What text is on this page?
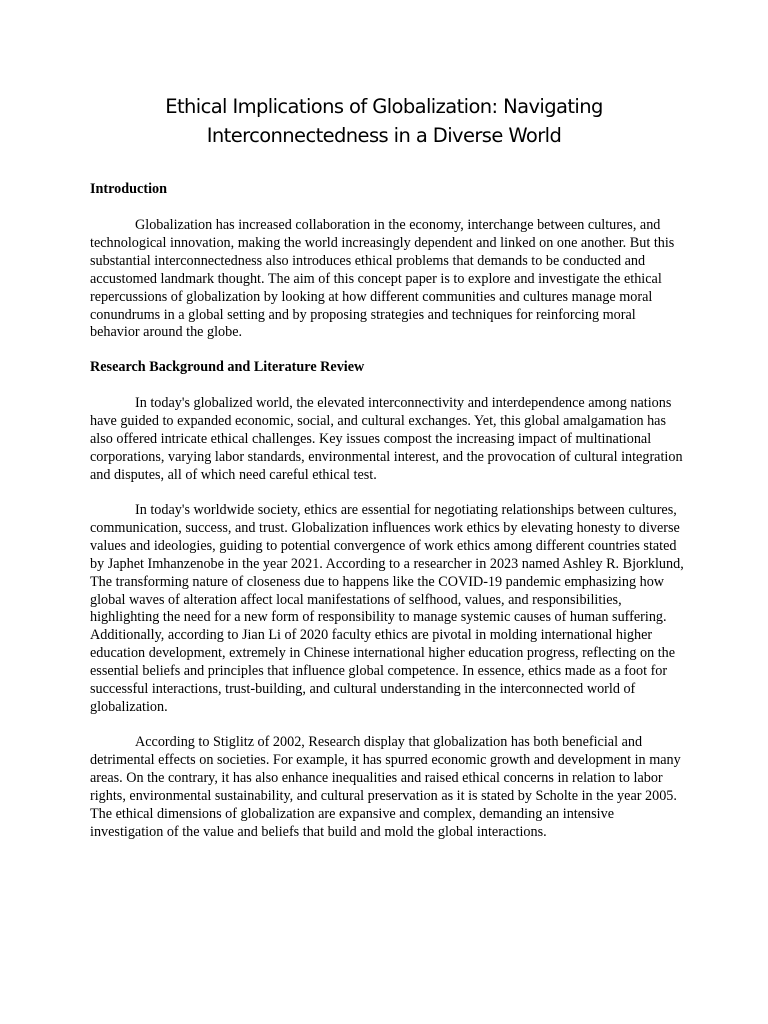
Ethical Implications of Globalization: Navigating Interconnectedness in a Diverse World
Introduction

Globalization has increased collaboration in the economy, interchange between cultures, and technological innovation, making the world increasingly dependent and linked on one another. But this substantial interconnectedness also introduces ethical problems that demands to be conducted and accustomed landmark thought. The aim of this concept paper is to explore and investigate the ethical repercussions of globalization by looking at how different communities and cultures manage moral conundrums in a global setting and by proposing strategies and techniques for reinforcing moral behavior around the globe.

Research Background and Literature Review

In today's globalized world, the elevated interconnectivity and interdependence among nations have guided to expanded economic, social, and cultural exchanges. Yet, this global amalgamation has also offered intricate ethical challenges. Key issues compost the increasing impact of multinational corporations, varying labor standards, environmental interest, and the provocation of cultural integration and disputes, all of which need careful ethical test.

In today's worldwide society, ethics are essential for negotiating relationships between cultures, communication, success, and trust. Globalization influences work ethics by elevating honesty to diverse values and ideologies, guiding to potential convergence of work ethics among different countries stated by Japhet Imhanzenobe in the year 2021. According to a researcher in 2023 named Ashley R. Bjorklund, The transforming nature of closeness due to happens like the COVID-19 pandemic emphasizing how global waves of alteration affect local manifestations of selfhood, values, and responsibilities, highlighting the need for a new form of responsibility to manage systemic causes of human suffering. Additionally, according to Jian Li of 2020 faculty ethics are pivotal in molding international higher education development, extremely in Chinese international higher education progress, reflecting on the essential beliefs and principles that influence global competence. In essence, ethics made as a foot for successful interactions, trust-building, and cultural understanding in the interconnected world of globalization.

According to Stiglitz of 2002, Research display that globalization has both beneficial and detrimental effects on societies. For example, it has spurred economic growth and development in many areas. On the contrary, it has also enhance inequalities and raised ethical concerns in relation to labor rights, environmental sustainability, and cultural preservation as it is stated by Scholte in the year 2005. The ethical dimensions of globalization are expansive and complex, demanding an intensive investigation of the value and beliefs that build and mold the global interactions.
